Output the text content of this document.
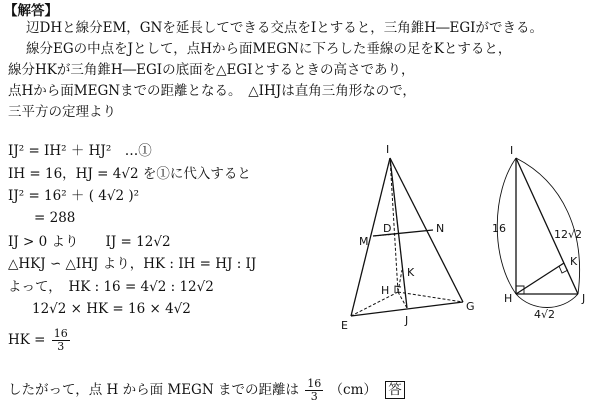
【解答】
辺DHと線分EM，GNを延長してできる交点をIとすると，三角錐H―EGIができる。
線分EGの中点をJとして，点Hから面MEGNに下ろした垂線の足をKとすると，
線分HKが三角錐H―EGIの底面を△EGIとするときの高さであり，
点Hから面MEGNまでの距離となる。　△IHJは直角三角形なので，
三平方の定理より
IJ² = IH² ＋ HJ²　…①
IH = 16，HJ = 4√2 を①に代入すると
IJ² = 16² ＋ ( 4√2 )²
= 288
IJ > 0 より　　IJ = 12√2
△HKJ ∽ △IHJ より，HK : IH = HJ : IJ
よって，　HK : 16 = 4√2 : 12√2
12√2 × HK = 16 × 4√2
HK = $\frac{16}{3}$
したがって，点 H から面 MEGN までの距離は $\frac{16}{3} (cm)$ 答
I
D	N
M
K
H
G
E	J
I
H	J
K
16	12√2
4√2
